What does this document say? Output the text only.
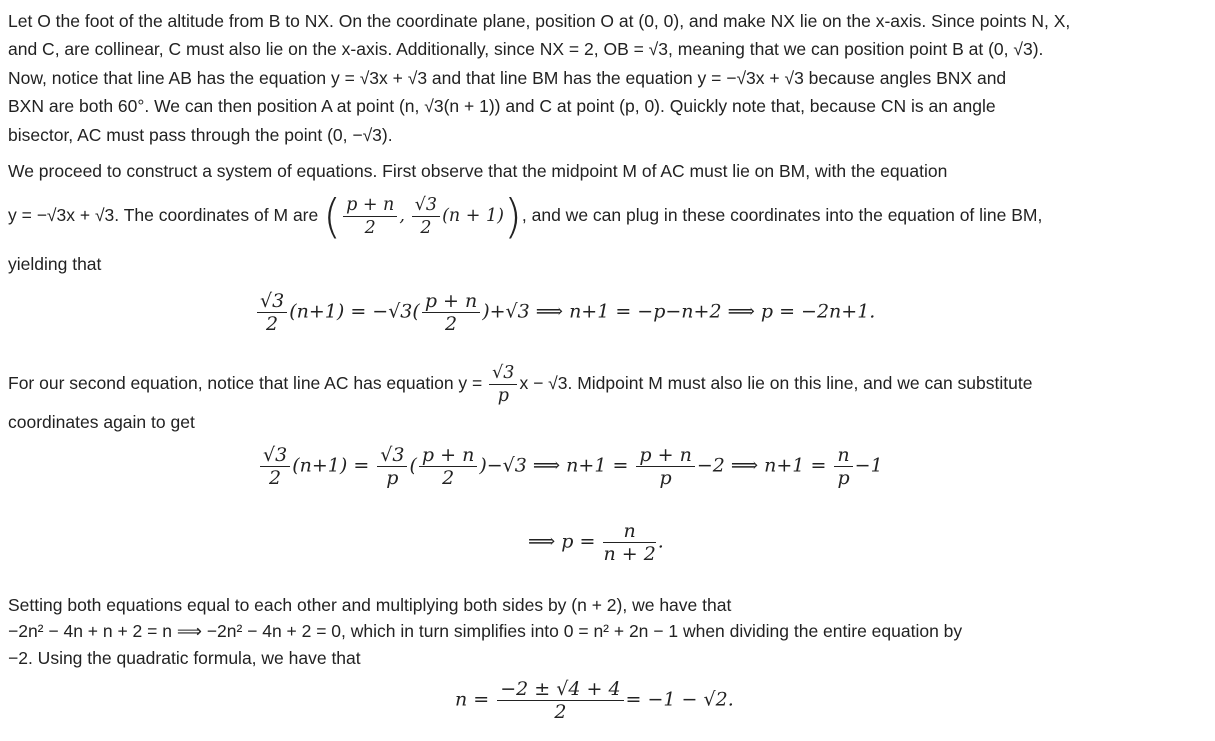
Let O the foot of the altitude from B to NX. On the coordinate plane, position O at (0, 0), and make NX lie on the x-axis. Since points N, X,
and C, are collinear, C must also lie on the x-axis. Additionally, since NX = 2, OB = √3, meaning that we can position point B at (0, √3).
Now, notice that line AB has the equation y = √3x + √3 and that line BM has the equation y = −√3x + √3 because angles BNX and
BXN are both 60°. We can then position A at point (n, √3(n + 1)) and C at point (p, 0). Quickly note that, because CN is an angle
bisector, AC must pass through the point (0, −√3).
We proceed to construct a system of equations. First observe that the midpoint M of AC must lie on BM, with the equation
y = −√3x + √3. The coordinates of M are ( $\frac{p + n}{2}$ , $\frac{√3}{2} (n + 1)$), and we can plug in these coordinates into the equation of line BM,
yielding that
$\frac{√3}{2} (n+1) = -√3( \frac{p + n}{2} )+√3$ ⟹ n+1 = −p−n+2 ⟹ p = −2n+1.
For our second equation, notice that line AC has equation $y = \frac{√3}{p}$ x − √3. Midpoint M must also lie on this line, and we can substitute
coordinates again to get
$\frac{√3}{2} (n+1) = \frac{√3}{p}$ ( $\frac{p + n}{2} )-√3$ ⟹ $n+1 = \frac{p + n}{p} -2$ ⟹ $n+1 = \frac{n}{p} -1$
⟹ $p = \frac{n}{n + 2}$ .
Setting both equations equal to each other and multiplying both sides by (n + 2), we have that
−2n² − 4n + n + 2 = n ⟹ −2n² − 4n + 2 = 0, which in turn simplifies into 0 = n² + 2n − 1 when dividing the entire equation by
−2. Using the quadratic formula, we have that
$n = \frac{-2 \pm √4 + 4}{2} = -1 - √2$.
